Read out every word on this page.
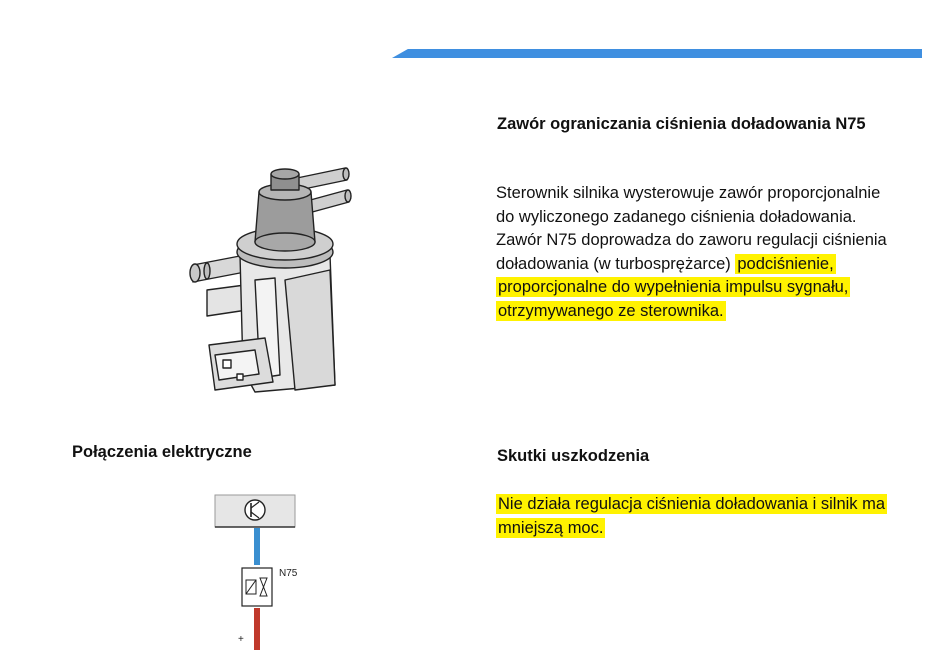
Zawór ograniczania ciśnienia doładowania N75
Sterownik silnika wysterowuje zawór proporcjonalnie do wyliczonego zadanego ciśnienia doładowania. Zawór N75 doprowadza do zaworu regulacji ciśnienia doładowania (w turbosprężarce) podciśnienie, proporcjonalne do wypełnienia impulsu sygnału, otrzymywanego ze sterownika.
Połączenia elektryczne
N75
+
Skutki uszkodzenia
Nie działa regulacja ciśnienia doładowania i silnik ma mniejszą moc.
